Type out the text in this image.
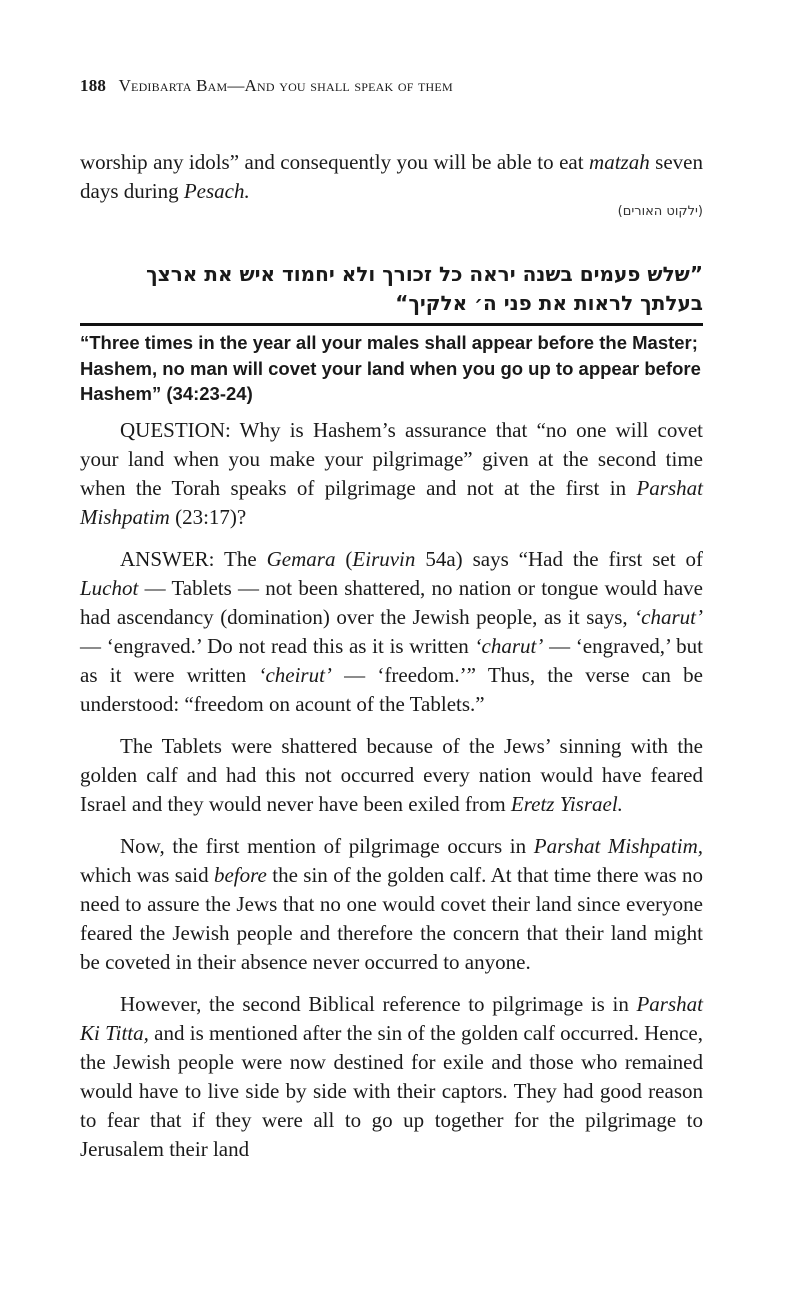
188 Vedibarta Bam—And you shall speak of them

worship any idols” and consequently you will be able to eat matzah seven days during Pesach.

(ילקוט האורים)
”שלש פעמים בשנה יראה כל זכורך ולא יחמוד איש את ארצך
בעלתך לראות את פני ה׳ אלקיך“
“Three times in the year all your males shall appear before the Master; Hashem, no man will covet your land when you go up to appear before Hashem” (34:23-24)

QUESTION: Why is Hashem’s assurance that “no one will covet your land when you make your pilgrimage” given at the second time when the Torah speaks of pilgrimage and not at the first in Parshat Mishpatim (23:17)?

ANSWER: The Gemara (Eiruvin 54a) says “Had the first set of Luchot — Tablets — not been shattered, no nation or tongue would have had ascendancy (domination) over the Jewish people, as it says, ‘charut’ — ‘engraved.’ Do not read this as it is written ‘charut’ — ‘engraved,’ but as it were written ‘cheirut’ — ‘freedom.’” Thus, the verse can be understood: “freedom on acount of the Tablets.”

The Tablets were shattered because of the Jews’ sinning with the golden calf and had this not occurred every nation would have feared Israel and they would never have been exiled from Eretz Yisrael.

Now, the first mention of pilgrimage occurs in Parshat Mishpatim, which was said before the sin of the golden calf. At that time there was no need to assure the Jews that no one would covet their land since everyone feared the Jewish people and therefore the concern that their land might be coveted in their absence never occurred to anyone.

However, the second Biblical reference to pilgrimage is in Parshat Ki Titta, and is mentioned after the sin of the golden calf occurred. Hence, the Jewish people were now destined for exile and those who remained would have to live side by side with their captors. They had good reason to fear that if they were all to go up together for the pilgrimage to Jerusalem their land
